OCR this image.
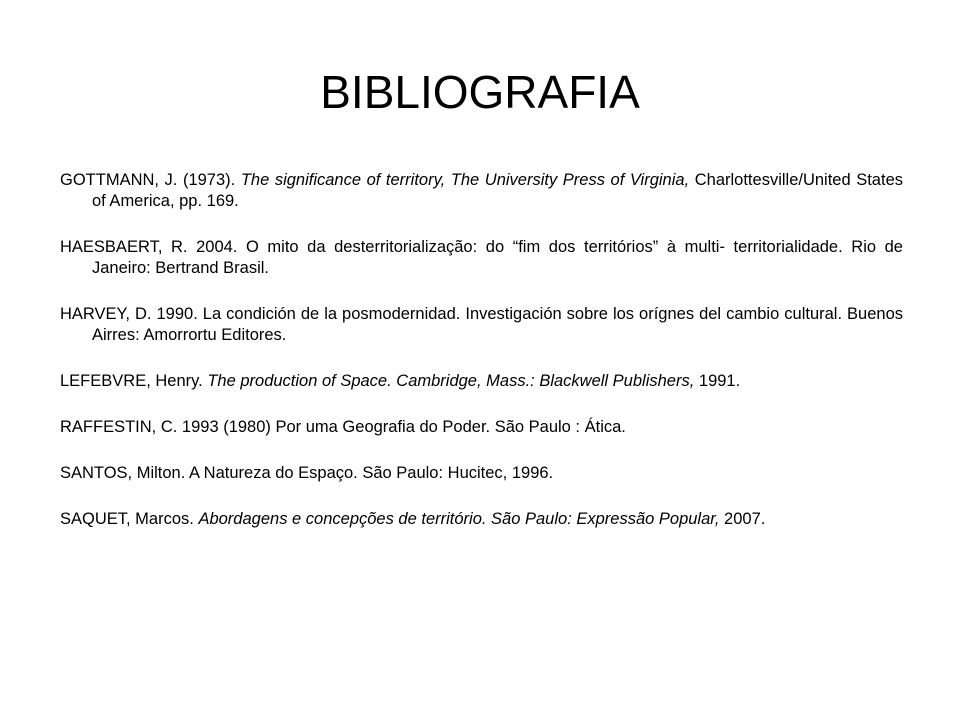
BIBLIOGRAFIA

GOTTMANN, J. (1973). The significance of territory, The University Press of Virginia, Charlottesville/United States of America, pp. 169.

HAESBAERT, R. 2004. O mito da desterritorialização: do “fim dos territórios” à multi- territorialidade. Rio de Janeiro: Bertrand Brasil.

HARVEY, D. 1990. La condición de la posmodernidad. Investigación sobre los orígnes del cambio cultural. Buenos Airres: Amorrortu Editores.

LEFEBVRE, Henry. The production of Space. Cambridge, Mass.: Blackwell Publishers, 1991.

RAFFESTIN, C. 1993 (1980) Por uma Geografia do Poder. São Paulo : Ática.

SANTOS, Milton. A Natureza do Espaço. São Paulo: Hucitec, 1996.

SAQUET, Marcos. Abordagens e concepções de território. São Paulo: Expressão Popular, 2007.
